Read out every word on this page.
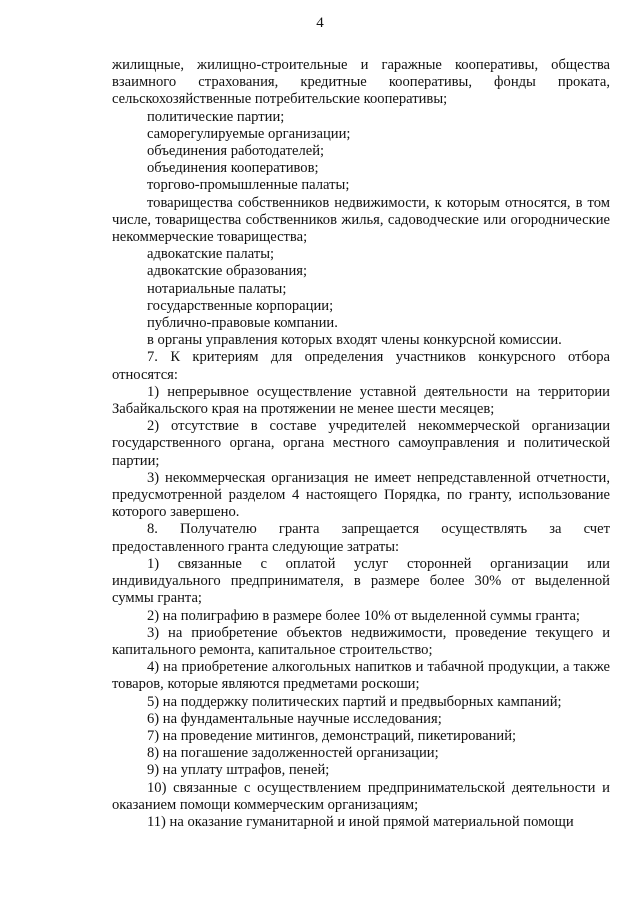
4

жилищные, жилищно-строительные и гаражные кооперативы, общества взаимного страхования, кредитные кооперативы, фонды проката, сельскохозяйственные потребительские кооперативы;

политические партии;

саморегулируемые организации;

объединения работодателей;

объединения кооперативов;

торгово-промышленные палаты;

товарищества собственников недвижимости, к которым относятся, в том числе, товарищества собственников жилья, садоводческие или огороднические некоммерческие товарищества;

адвокатские палаты;

адвокатские образования;

нотариальные палаты;

государственные корпорации;

публично-правовые компании.

в органы управления которых входят члены конкурсной комиссии.

7. К критериям для определения участников конкурсного отбора относятся:

1) непрерывное осуществление уставной деятельности на территории Забайкальского края на протяжении не менее шести месяцев;

2) отсутствие в составе учредителей некоммерческой организации государственного органа, органа местного самоуправления и политической партии;

3) некоммерческая организация не имеет непредставленной отчетности, предусмотренной разделом 4 настоящего Порядка, по гранту, использование которого завершено.

8. Получателю гранта запрещается осуществлять за счет предоставленного гранта следующие затраты:

1) связанные с оплатой услуг сторонней организации или индивидуального предпринимателя, в размере более 30% от выделенной суммы гранта;

2) на полиграфию в размере более 10% от выделенной суммы гранта;

3) на приобретение объектов недвижимости, проведение текущего и капитального ремонта, капитальное строительство;

4) на приобретение алкогольных напитков и табачной продукции, а также товаров, которые являются предметами роскоши;

5) на поддержку политических партий и предвыборных кампаний;

6) на фундаментальные научные исследования;

7) на проведение митингов, демонстраций, пикетирований;

8) на погашение задолженностей организации;

9) на уплату штрафов, пеней;

10) связанные с осуществлением предпринимательской деятельности и оказанием помощи коммерческим организациям;

11) на оказание гуманитарной и иной прямой материальной помощи
